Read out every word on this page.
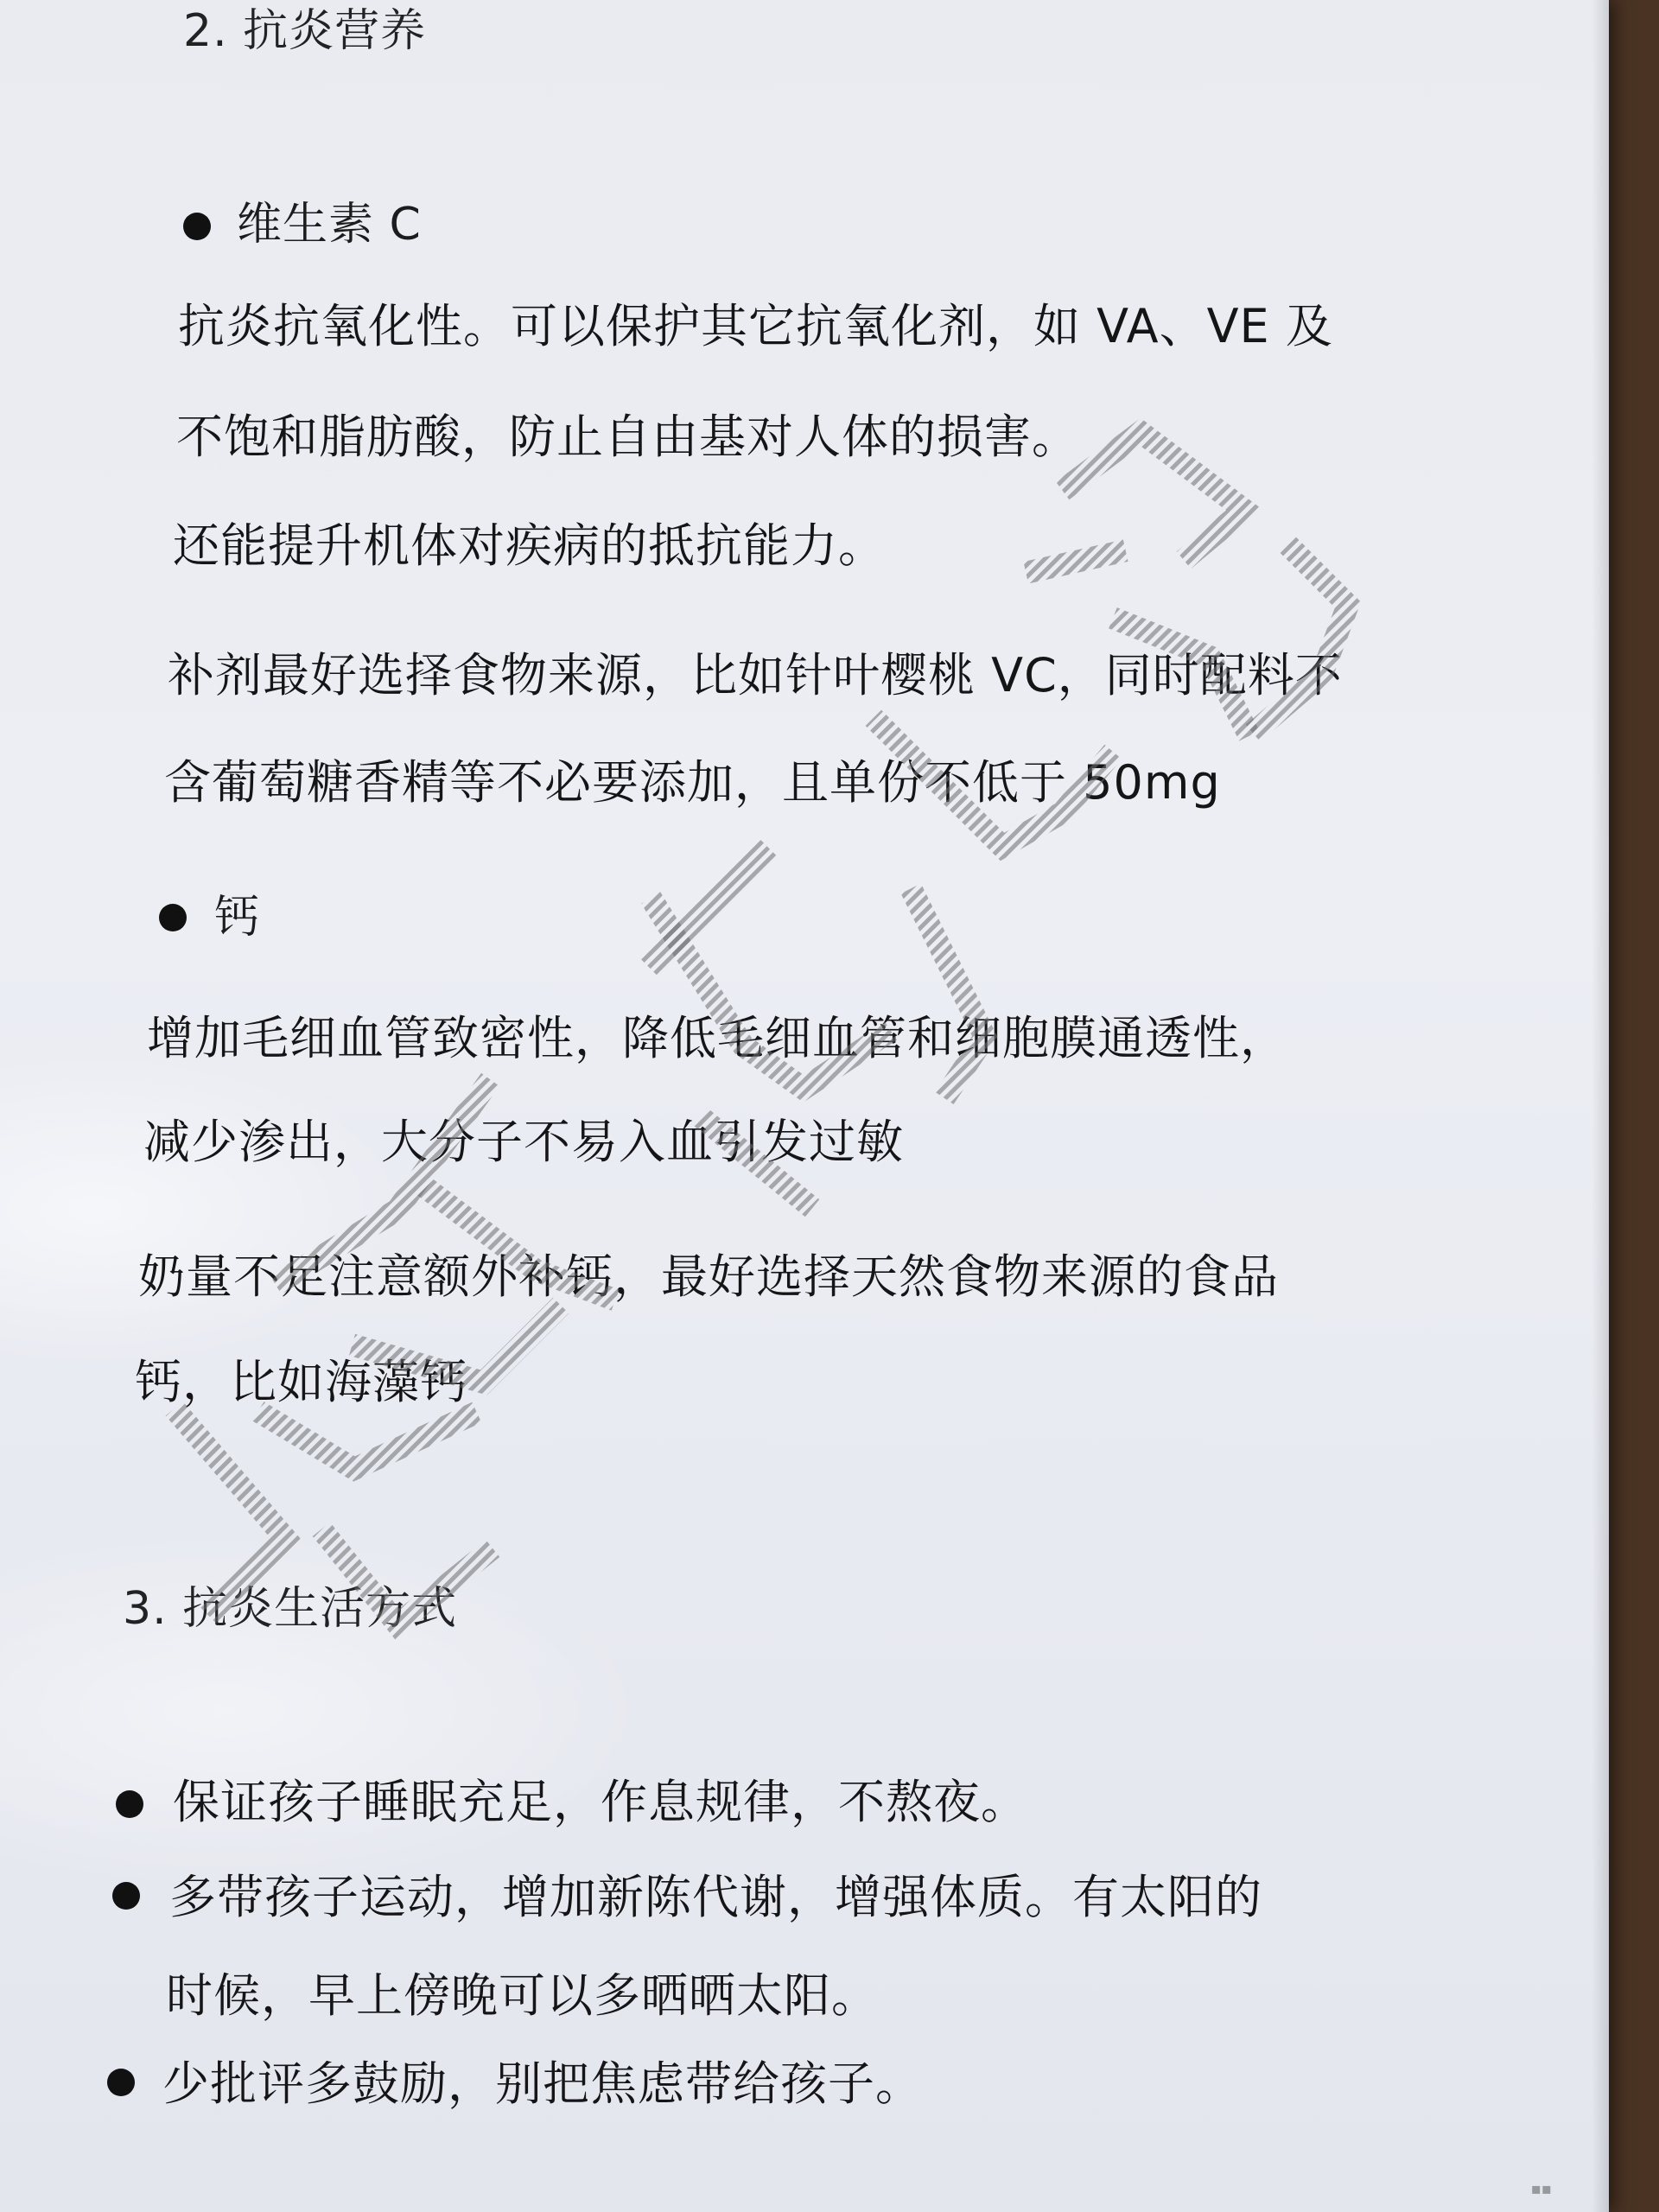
2. 抗炎营养
维生素 C
抗炎抗氧化性。可以保护其它抗氧化剂，如 VA、VE 及
不饱和脂肪酸，防止自由基对人体的损害。
还能提升机体对疾病的抵抗能力。
补剂最好选择食物来源，比如针叶樱桃 VC，同时配料不
含葡萄糖香精等不必要添加，且单份不低于 50mg
钙
增加毛细血管致密性，降低毛细血管和细胞膜通透性，
减少渗出，大分子不易入血引发过敏
奶量不足注意额外补钙，最好选择天然食物来源的食品
钙，比如海藻钙
3. 抗炎生活方式
保证孩子睡眠充足，作息规律，不熬夜。
多带孩子运动，增加新陈代谢，增强体质。有太阳的
时候，早上傍晚可以多晒晒太阳。
少批评多鼓励，别把焦虑带给孩子。
▪▪
